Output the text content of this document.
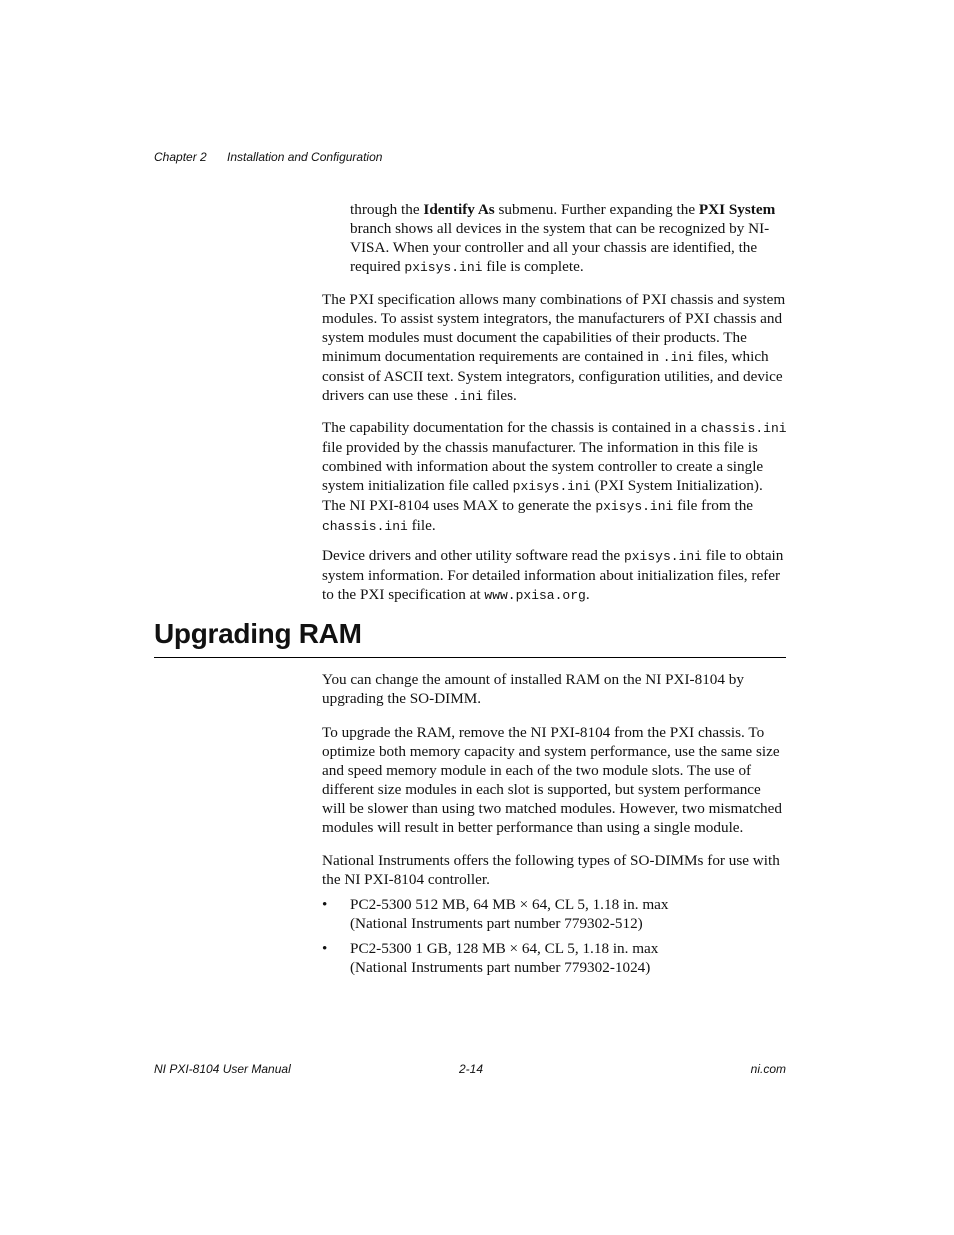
Chapter 2 Installation and Configuration

through the Identify As submenu. Further expanding the PXI System branch shows all devices in the system that can be recognized by NI-VISA. When your controller and all your chassis are identified, the required pxisys.ini file is complete.

The PXI specification allows many combinations of PXI chassis and system modules. To assist system integrators, the manufacturers of PXI chassis and system modules must document the capabilities of their products. The minimum documentation requirements are contained in .ini files, which consist of ASCII text. System integrators, configuration utilities, and device drivers can use these .ini files.

The capability documentation for the chassis is contained in a chassis.ini file provided by the chassis manufacturer. The information in this file is combined with information about the system controller to create a single system initialization file called pxisys.ini (PXI System Initialization). The NI PXI-8104 uses MAX to generate the pxisys.ini file from the chassis.ini file.

Device drivers and other utility software read the pxisys.ini file to obtain system information. For detailed information about initialization files, refer to the PXI specification at www.pxisa.org.

Upgrading RAM

You can change the amount of installed RAM on the NI PXI-8104 by upgrading the SO-DIMM.

To upgrade the RAM, remove the NI PXI-8104 from the PXI chassis. To optimize both memory capacity and system performance, use the same size and speed memory module in each of the two module slots. The use of different size modules in each slot is supported, but system performance will be slower than using two matched modules. However, two mismatched modules will result in better performance than using a single module.

National Instruments offers the following types of SO-DIMMs for use with the NI PXI-8104 controller.

• PC2-5300 512 MB, 64 MB × 64, CL 5, 1.18 in. max
(National Instruments part number 779302-512)
• PC2-5300 1 GB, 128 MB × 64, CL 5, 1.18 in. max
(National Instruments part number 779302-1024)
NI PXI-8104 User Manual	2-14	ni.com
